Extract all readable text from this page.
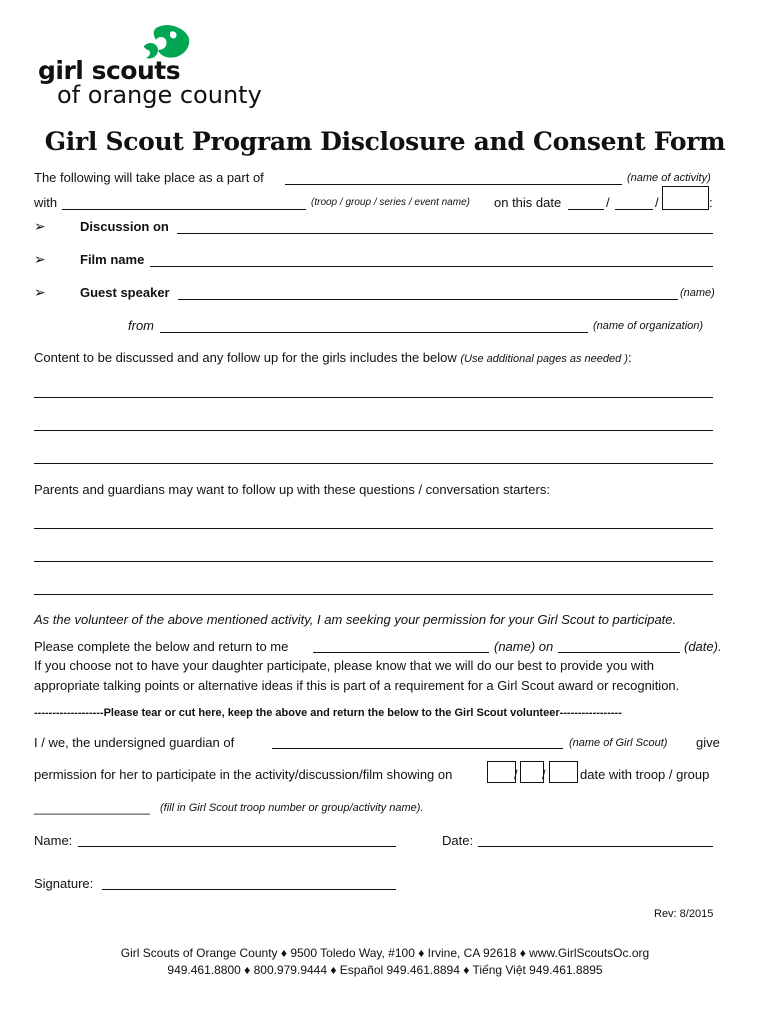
girl scouts
of orange county
Girl Scout Program Disclosure and Consent Form
The following will take place as a part of	(name of activity)
with	(troop / group / series / event name) on this date	/	/	:
➢	Discussion on
➢	Film name
➢	Guest speaker	(name)
from	(name of organization)
Content to be discussed and any follow up for the girls includes the below (Use additional pages as needed ):
Parents and guardians may want to follow up with these questions / conversation starters:
As the volunteer of the above mentioned activity, I am seeking your permission for your Girl Scout to participate.
Please complete the below and return to me	(name) on	(date).
If you choose not to have your daughter participate, please know that we will do our best to provide you with
appropriate talking points or alternative ideas if this is part of a requirement for a Girl Scout award or recognition.
-------------------Please tear or cut here, keep the above and return the below to the Girl Scout volunteer-----------------
I / we, the undersigned guardian of	(name of Girl Scout) give
permission for her to participate in the activity/discussion/film showing on	/ /	date with troop / group
________________ (fill in Girl Scout troop number or group/activity name).
Name:	Date:
Signature:
Rev: 8/2015
Girl Scouts of Orange County ♦ 9500 Toledo Way, #100 ♦ Irvine, CA 92618 ♦ www.GirlScoutsOc.org
949.461.8800 ♦ 800.979.9444 ♦ Español 949.461.8894 ♦ Tiếng Việt 949.461.8895
